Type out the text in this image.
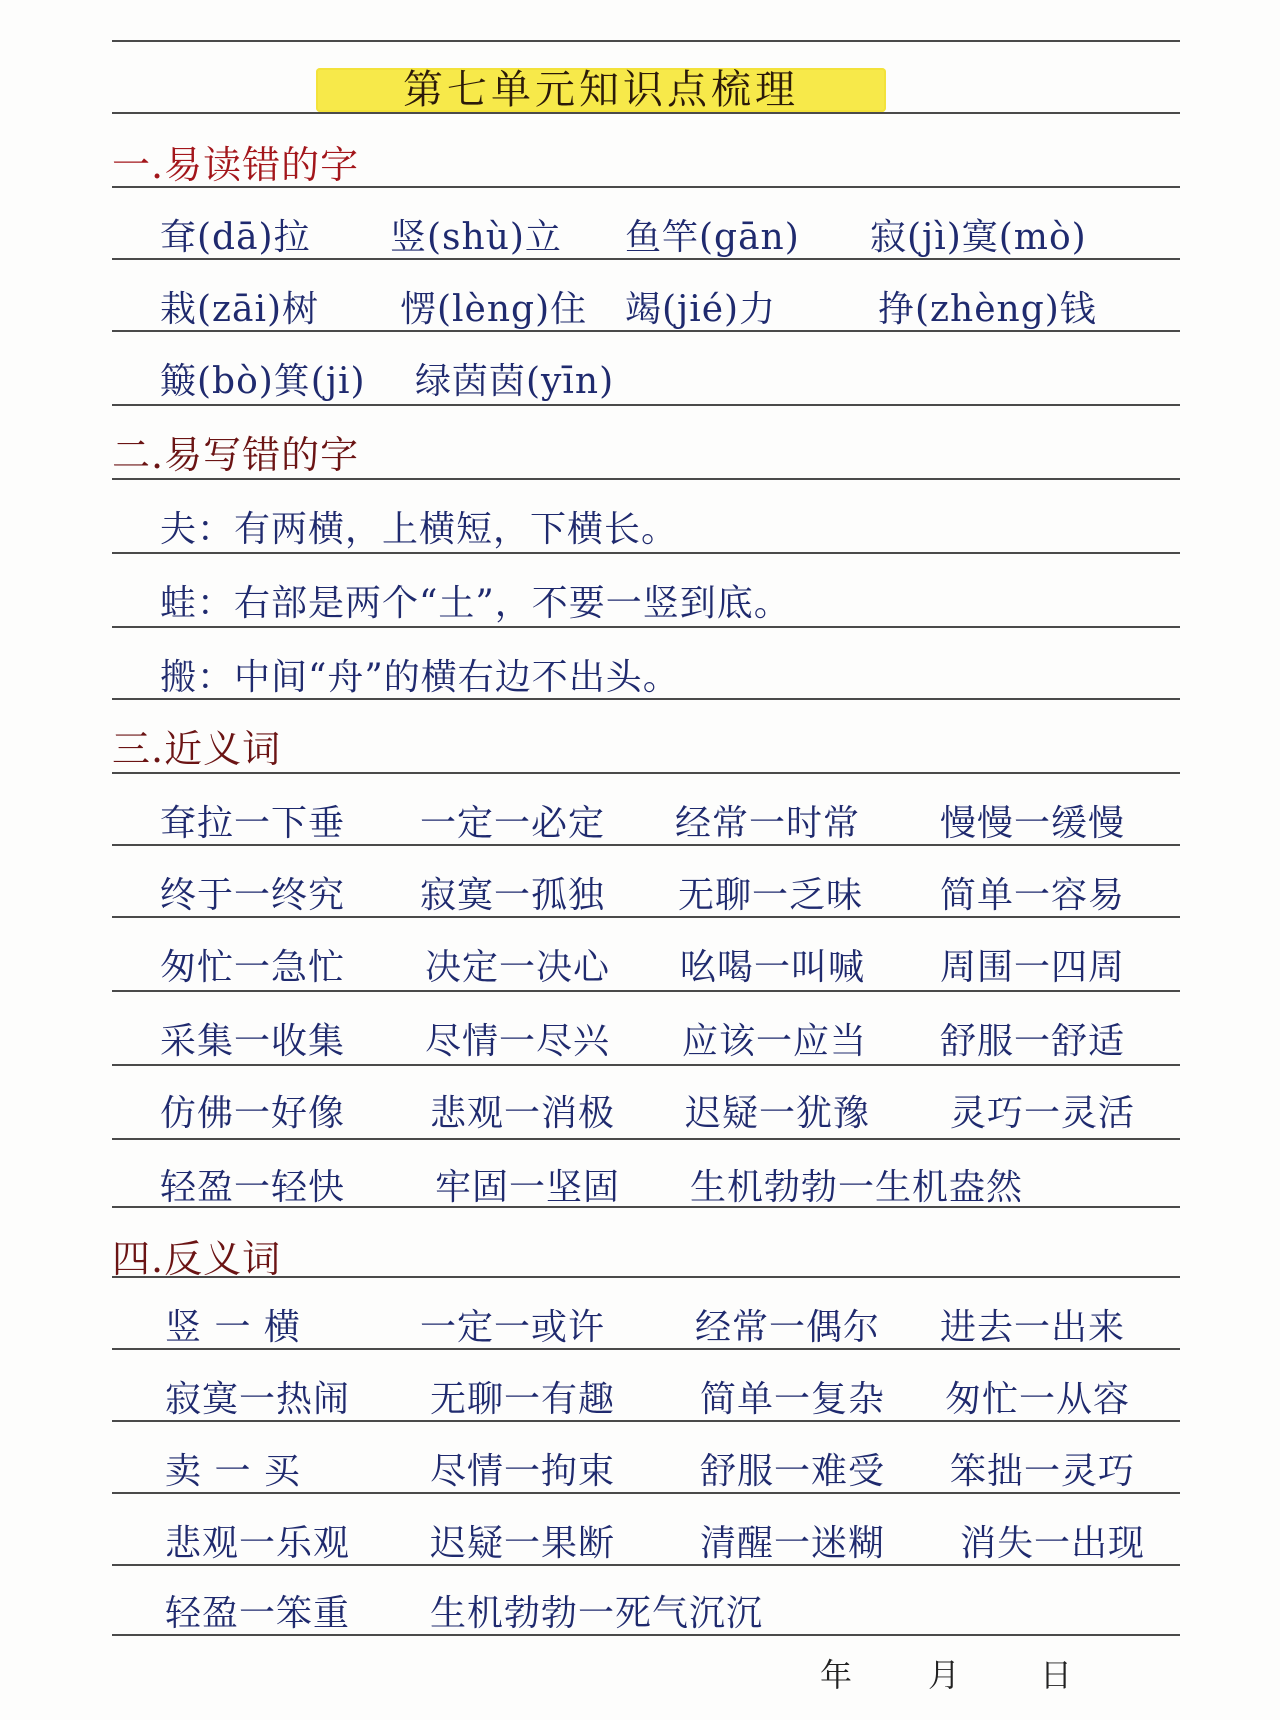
第七单元知识点梳理
一.易读错的字
耷(dā)拉 竖(shù)立 鱼竿(gān) 寂(jì)寞(mò)
栽(zāi)树 愣(lèng)住 竭(jié)力	挣(zhèng)钱
簸(bò)箕(ji) 绿茵茵(yīn)
二.易写错的字
夫：有两横，上横短，下横长。
蛙：右部是两个“土”，不要一竖到底。
搬：中间“舟”的横右边不出头。
三.近义词
耷拉一下垂 一定一必定 经常一时常 慢慢一缓慢
终于一终究 寂寞一孤独 无聊一乏味 简单一容易
匆忙一急忙 决定一决心 吆喝一叫喊 周围一四周
采集一收集 尽情一尽兴 应该一应当 舒服一舒适
仿佛一好像 悲观一消极 迟疑一犹豫 灵巧一灵活
轻盈一轻快 牢固一坚固 生机勃勃一生机盎然
四.反义词
竖 一 横	一定一或许 经常一偶尔 进去一出来
寂寞一热闹 无聊一有趣 简单一复杂 匆忙一从容
卖 一 买	尽情一拘束 舒服一难受 笨拙一灵巧
悲观一乐观 迟疑一果断 清醒一迷糊 消失一出现
轻盈一笨重 生机勃勃一死气沉沉
年 月 日
